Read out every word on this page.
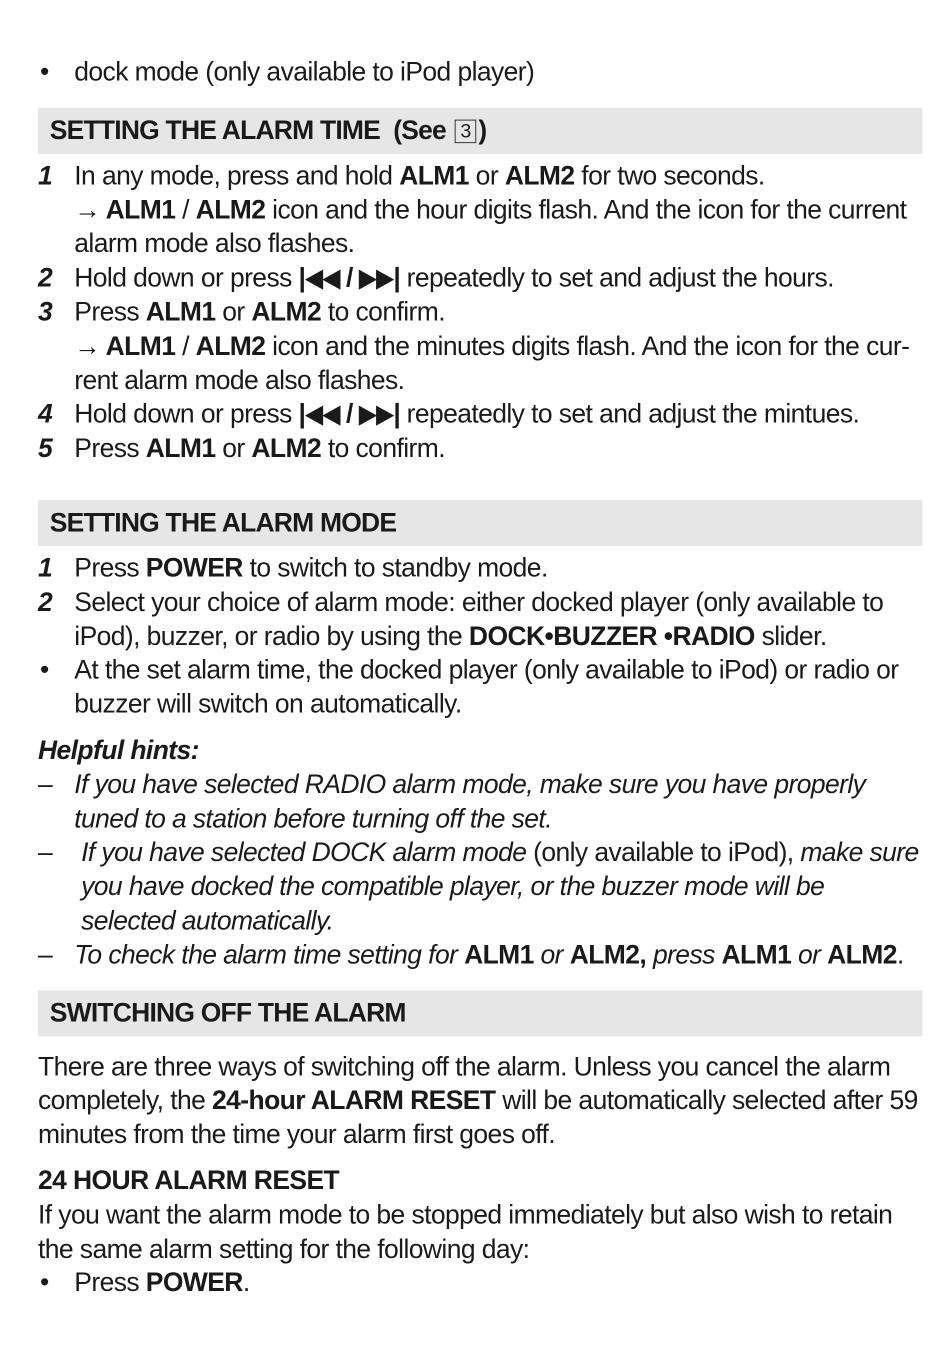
• dock mode (only available to iPod player)
SETTING THE ALARM TIME (See 3 )
1 In any mode, press and hold ALM1 or ALM2 for two seconds.
→ ALM1 / ALM2 icon and the hour digits flash. And the icon for the current alarm mode also flashes.
2 Hold down or press |◀◀ / ▶▶| repeatedly to set and adjust the hours.
3 Press ALM1 or ALM2 to confirm.
→ ALM1 / ALM2 icon and the minutes digits flash. And the icon for the cur-rent alarm mode also flashes.
4 Hold down or press |◀◀ / ▶▶| repeatedly to set and adjust the mintues.
5 Press ALM1 or ALM2 to confirm.
SETTING THE ALARM MODE
1 Press POWER to switch to standby mode.
2 Select your choice of alarm mode: either docked player (only available to iPod), buzzer, or radio by using the DOCK•BUZZER •RADIO slider.
• At the set alarm time, the docked player (only available to iPod) or radio or buzzer will switch on automatically.
Helpful hints:
– If you have selected RADIO alarm mode, make sure you have properly tuned to a station before turning off the set.
– If you have selected DOCK alarm mode (only available to iPod), make sure you have docked the compatible player, or the buzzer mode will be selected automatically.
– To check the alarm time setting for ALM1 or ALM2, press ALM1 or ALM2.
SWITCHING OFF THE ALARM
There are three ways of switching off the alarm. Unless you cancel the alarm completely, the 24-hour ALARM RESET will be automatically selected after 59 minutes from the time your alarm first goes off.
24 HOUR ALARM RESET
If you want the alarm mode to be stopped immediately but also wish to retain the same alarm setting for the following day:
• Press POWER.
